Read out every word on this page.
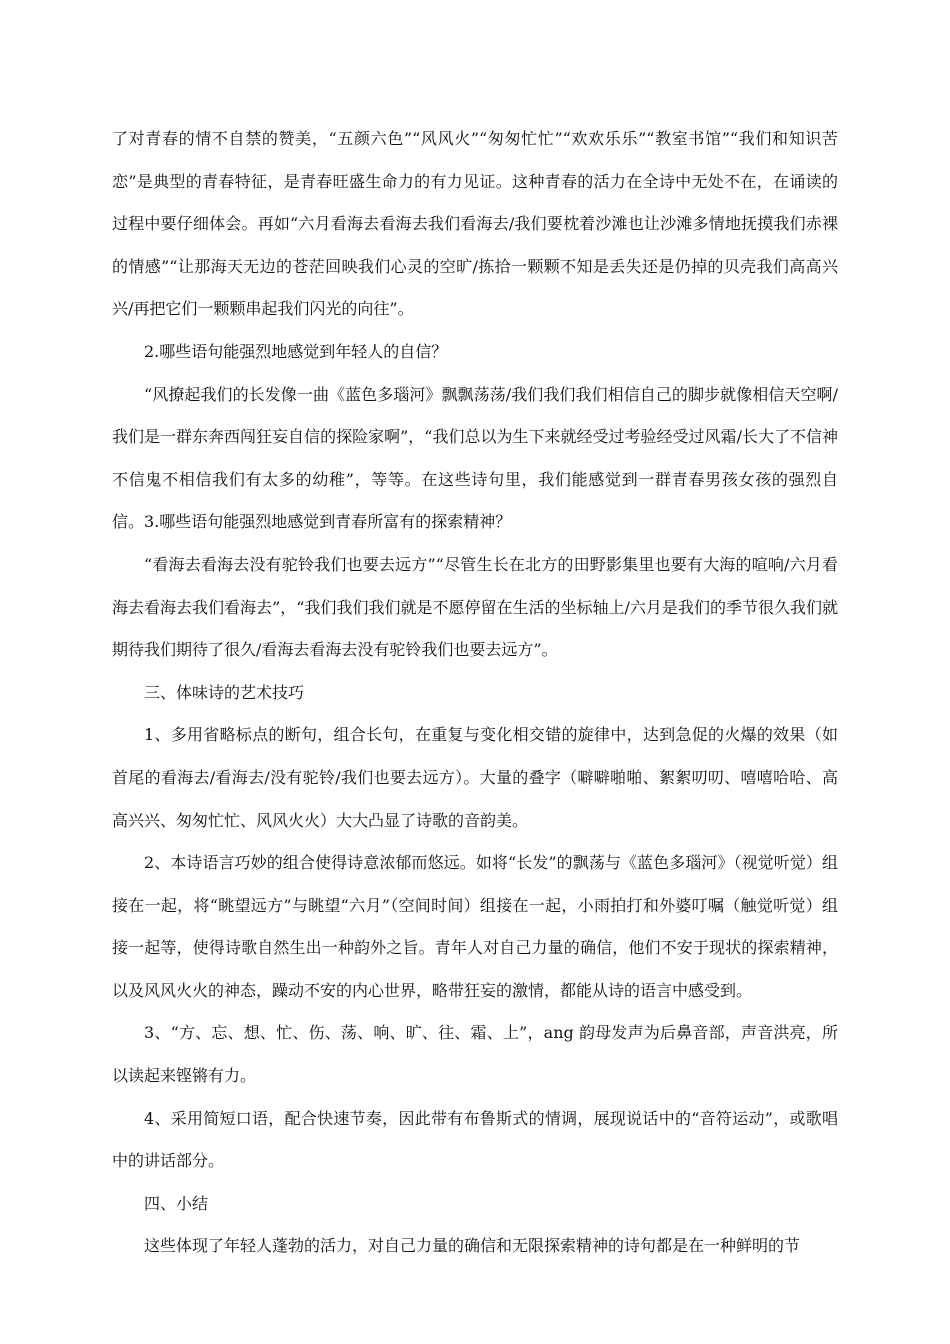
了对青春的情不自禁的赞美，“五颜六色”“风风火”“匆匆忙忙”“欢欢乐乐”“教室书馆”“我们和知识苦恋”是典型的青春特征，是青春旺盛生命力的有力见证。这种青春的活力在全诗中无处不在，在诵读的过程中要仔细体会。再如“六月看海去看海去我们看海去/我们要枕着沙滩也让沙滩多情地抚摸我们赤裸的情感”“让那海天无边的苍茫回映我们心灵的空旷/拣拾一颗颗不知是丢失还是仍掉的贝壳我们高高兴兴/再把它们一颗颗串起我们闪光的向往”。

2.哪些语句能强烈地感觉到年轻人的自信？

“风撩起我们的长发像一曲《蓝色多瑙河》飘飘荡荡/我们我们我们相信自己的脚步就像相信天空啊/我们是一群东奔西闯狂妄自信的探险家啊”，“我们总以为生下来就经受过考验经受过风霜/长大了不信神不信鬼不相信我们有太多的幼稚”，等等。在这些诗句里，我们能感觉到一群青春男孩女孩的强烈自信。3.哪些语句能强烈地感觉到青春所富有的探索精神？

“看海去看海去没有驼铃我们也要去远方”“尽管生长在北方的田野影集里也要有大海的喧响/六月看海去看海去我们看海去”，“我们我们我们就是不愿停留在生活的坐标轴上/六月是我们的季节很久我们就期待我们期待了很久/看海去看海去没有驼铃我们也要去远方”。

三、体味诗的艺术技巧

1、多用省略标点的断句，组合长句，在重复与变化相交错的旋律中，达到急促的火爆的效果（如首尾的看海去/看海去/没有驼铃/我们也要去远方）。大量的叠字（噼噼啪啪、絮絮叨叨、嘻嘻哈哈、高高兴兴、匆匆忙忙、风风火火）大大凸显了诗歌的音韵美。

2、本诗语言巧妙的组合使得诗意浓郁而悠远。如将“长发”的飘荡与《蓝色多瑙河》（视觉听觉）组接在一起，将“眺望远方”与眺望“六月”（空间时间）组接在一起，小雨拍打和外婆叮嘱（触觉听觉）组接一起等，使得诗歌自然生出一种韵外之旨。青年人对自己力量的确信，他们不安于现状的探索精神，以及风风火火的神态，躁动不安的内心世界，略带狂妄的激情，都能从诗的语言中感受到。

3、“方、忘、想、忙、伤、荡、响、旷、往、霜、上”，ang 韵母发声为后鼻音部，声音洪亮，所以读起来铿锵有力。

4、采用简短口语，配合快速节奏，因此带有布鲁斯式的情调，展现说话中的“音符运动”，或歌唱中的讲话部分。

四、小结

这些体现了年轻人蓬勃的活力，对自己力量的确信和无限探索精神的诗句都是在一种鲜明的节
